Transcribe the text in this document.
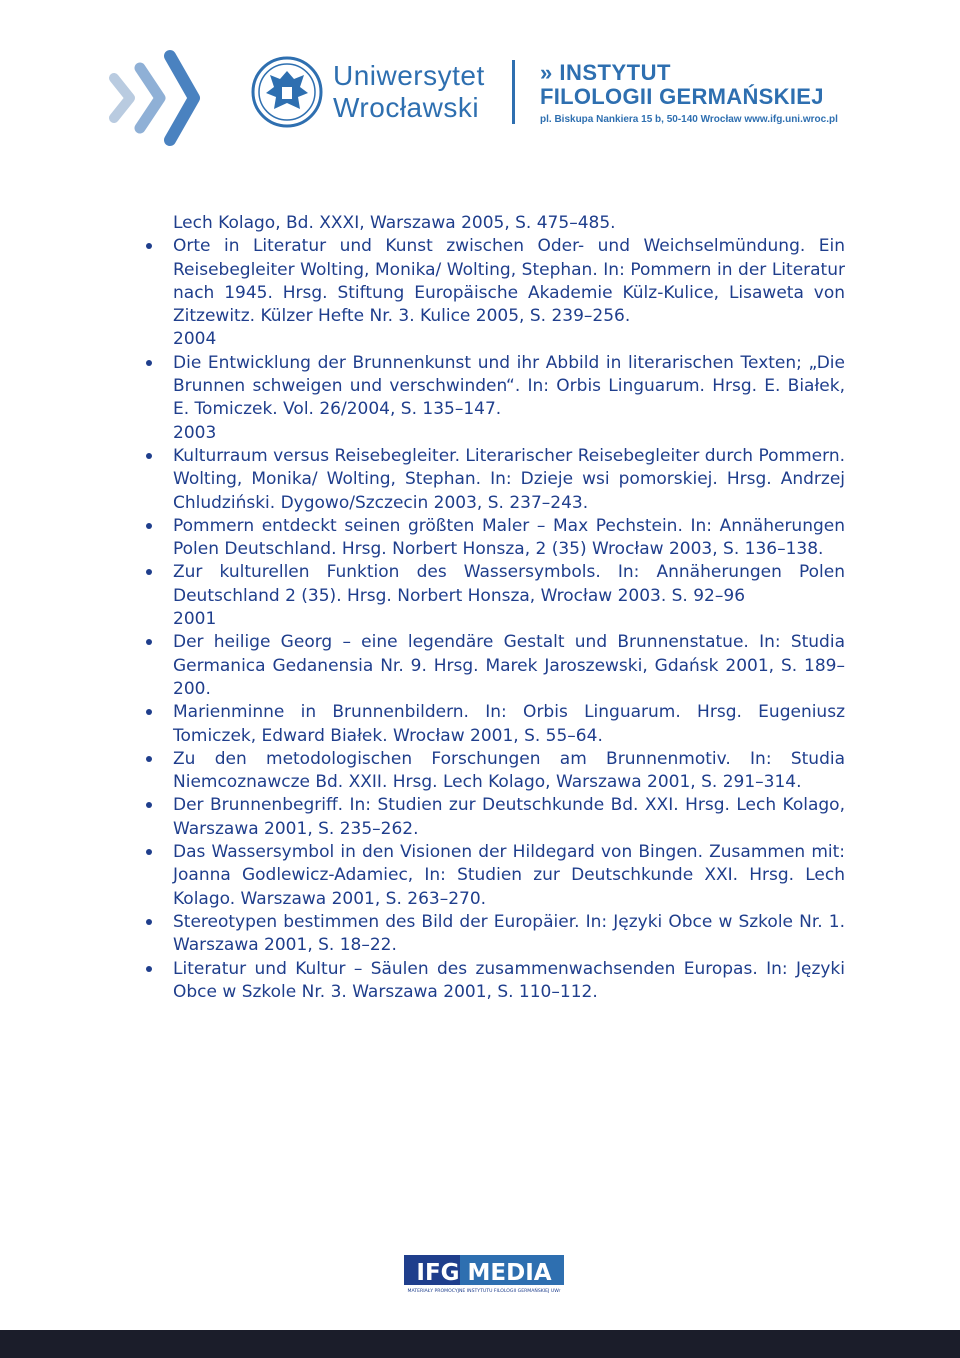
Uniwersytet
Wrocławski
» INSTYTUT
FILOLOGII GERMAŃSKIEJ
pl. Biskupa Nankiera 15 b, 50-140 Wrocław www.ifg.uni.wroc.pl

Lech Kolago, Bd. XXXI, Warszawa 2005, S. 475–485.

Orte in Literatur und Kunst zwischen Oder- und Weichselmündung. Ein Reisebegleiter Wolting, Monika/ Wolting, Stephan. In: Pommern in der Literatur nach 1945. Hrsg. Stiftung Europäische Akademie Külz-Kulice, Lisaweta von Zitzewitz. Külzer Hefte Nr. 3. Kulice 2005, S. 239–256.

2004

Die Entwicklung der Brunnenkunst und ihr Abbild in literarischen Texten; „Die Brunnen schweigen und verschwinden“. In: Orbis Linguarum. Hrsg. E. Białek, E. Tomiczek. Vol. 26/2004, S. 135–147.

2003

Kulturraum versus Reisebegleiter. Literarischer Reisebegleiter durch Pommern. Wolting, Monika/ Wolting, Stephan. In: Dzieje wsi pomorskiej. Hrsg. Andrzej Chludziński. Dygowo/Szczecin 2003, S. 237–243.
Pommern entdeckt seinen größten Maler – Max Pechstein. In: Annäherungen Polen Deutschland. Hrsg. Norbert Honsza, 2 (35) Wrocław 2003, S. 136–138.
Zur kulturellen Funktion des Wassersymbols. In: Annäherungen Polen Deutschland 2 (35). Hrsg. Norbert Honsza, Wrocław 2003. S. 92–96

2001

Der heilige Georg – eine legendäre Gestalt und Brunnenstatue. In: Studia Germanica Gedanensia Nr. 9. Hrsg. Marek Jaroszewski, Gdańsk 2001, S. 189–200.
Marienminne in Brunnenbildern. In: Orbis Linguarum. Hrsg. Eugeniusz Tomiczek, Edward Białek. Wrocław 2001, S. 55–64.
Zu den metodologischen Forschungen am Brunnenmotiv. In: Studia Niemcoznawcze Bd. XXII. Hrsg. Lech Kolago, Warszawa 2001, S. 291–314.
Der Brunnenbegriff. In: Studien zur Deutschkunde Bd. XXI. Hrsg. Lech Kolago, Warszawa 2001, S. 235–262.
Das Wassersymbol in den Visionen der Hildegard von Bingen. Zusammen mit: Joanna Godlewicz-Adamiec, In: Studien zur Deutschkunde XXI. Hrsg. Lech Kolago. Warszawa 2001, S. 263–270.
Stereotypen bestimmen des Bild der Europäier. In: Języki Obce w Szkole Nr. 1. Warszawa 2001, S. 18–22.
Literatur und Kultur – Säulen des zusammenwachsenden Europas. In: Języki Obce w Szkole Nr. 3. Warszawa 2001, S. 110–112.
IFG MEDIA
MATERIAŁY PROMOCYJNE INSTYTUTU FILOLOGII GERMAŃSKIEJ UWr
